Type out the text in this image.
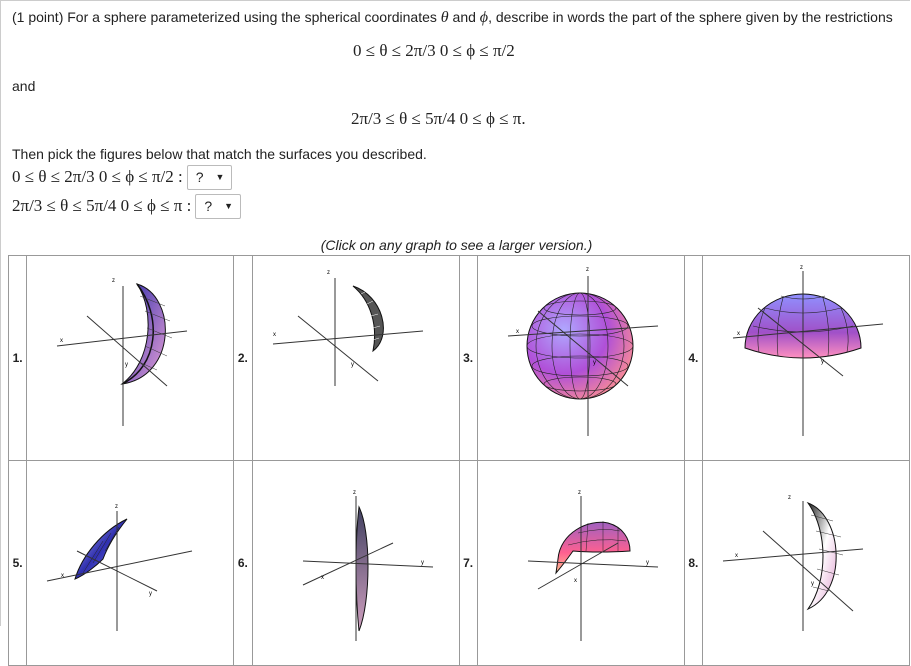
(1 point) For a sphere parameterized using the spherical coordinates θ and ϕ, describe in words the part of the sphere given by the restrictions
0 ≤ θ ≤ 2π/3 0 ≤ ϕ ≤ π/2
and
2π/3 ≤ θ ≤ 5π/4 0 ≤ ϕ ≤ π.
Then pick the figures below that match the surfaces you described.
0 ≤ θ ≤ 2π/3 0 ≤ ϕ ≤ π/2 : ? ▼
2π/3 ≤ θ ≤ 5π/4 0 ≤ ϕ ≤ π : ? ▼
(Click on any graph to see a larger version.)
1.	z
x
y	2.	z
x
y	3.	z
x
y	4.	z
x
y

5.	z
x
y	6.	z
x
y	7.	z
x
y	8.	z
x
y
